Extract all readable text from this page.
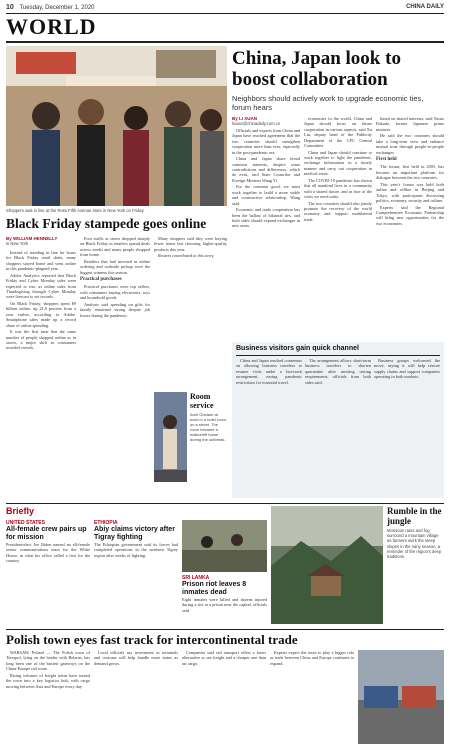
10 Tuesday, December 1, 2020	CHINA DAILY
WORLD
Shoppers wait in line at the Ross Fifth Avenue store in New York on Friday.
Black Friday stampede goes online
By WILLIAM HENNELLY
in New York

Instead of standing in line for hours for Black Friday retail deals, many shoppers stayed home and went online in this pandemic-plagued year.

Adobe Analytics reported that Black Friday and Cyber Monday sales were expected to rise, as online sales from Thanksgiving through Cyber Monday were forecast to set records.

On Black Friday, shoppers spent $9 billion online, up 21.6 percent from a year earlier, according to Adobe. Smartphone sales made up a record share of online spending.

It was the first time that the same number of people shopped online as in stores, a major shift as consumers avoided crowds.

Foot traffic at stores dropped sharply on Black Friday as retailers spread deals across weeks and many people shopped from home.

Retailers that had invested in online ordering and curbside pickup were the biggest winners this season.

Practical purchases

Practical purchases were top sellers, with consumers buying electronics, toys and household goods.

Analysts said spending on gifts for family remained strong despite job losses during the pandemic.

Many shoppers said they were buying fewer items but choosing higher-quality products this year.

Reuters contributed to this story.

Room service
Amir Ghulam at work in a hotel room on a street. The room became a makeshift home during the outbreak.
China, Japan look to boost collaboration
Neighbors should actively work to upgrade economic ties, forum hears
By LI XUAN
lixuan@chinadaily.com.cn

Officials and experts from China and Japan have reached agreement that the two countries should strengthen cooperation more than ever, especially in the post-pandemic era.

China and Japan share broad common interests, despite some contradictions and differences, which do exist, said State Councilor and Foreign Minister Wang Yi.

For the common good, we must work together to build a more stable and constructive relationship, Wang said.

Economic and trade cooperation has been the ballast of bilateral ties, and both sides should expand exchanges in new areas.

economies in the world, China and Japan should focus on future cooperation in various aspects, said Xu Lin, deputy head of the Publicity Department of the CPC Central Committee.

China and Japan should continue to work together to fight the pandemic, exchange information in a timely manner and carry out cooperation in medical areas.

The COVID-19 pandemic has shown that all mankind lives in a community with a shared future, and in face of the crisis we need unity.

The two countries should also jointly promote the recovery of the world economy and support multilateral trade.

based on shared interests, said Yasuo Fukuda, former Japanese prime minister.

He said the two countries should take a long-term view and enhance mutual trust through people-to-people exchanges.

First held

The forum, first held in 2005, has become an important platform for dialogue between the two countries.

This year's forum was held both online and offline in Beijing and Tokyo, with participants discussing politics, economy, security and culture.

Experts said the Regional Comprehensive Economic Partnership will bring new opportunities for the two economies.

Business visitors gain quick channel

China and Japan reached consensus on allowing business travelers to resume visits under a fast-track arrangement, easing pandemic restrictions for essential travel.

The arrangement allows short-term business travelers to shorten quarantine after meeting testing requirements, officials from both sides said.

Business groups welcomed the move, saying it will help restore supply chains and support companies operating in both markets.

Briefly
UNITED STATES
All-female crew pairs up for mission
President-elect Joe Biden named an all-female senior communications team for the White House, in what his office called a first for the country.
ETHIOPIA
Abiy claims victory after Tigray fighting
The Ethiopian government said its forces had completed operations in the northern Tigray region after weeks of fighting.
SRI LANKA
Prison riot leaves 8 inmates dead
Eight inmates were killed and dozens injured during a riot at a prison near the capital, officials said.
Rumble in the jungle
Monsoon rains and fog surround a mountain village as farmers work the steep slopes in the rainy season, a reminder of the region's deep traditions.
Polish town eyes fast track for intercontinental trade

WARSAW, Poland — The Polish town of Terespol, lying on the border with Belarus, has long been one of the busiest gateways on the China-Europe rail route.

Rising volumes of freight trains have turned the town into a key logistics hub, with cargo moving between Asia and Europe every day.

Local officials say investment in terminals and customs will help handle more trains as demand grows.

Companies said rail transport offers a faster alternative to sea freight and a cheaper one than air cargo.

Experts expect the route to play a bigger role as trade between China and Europe continues to expand.
